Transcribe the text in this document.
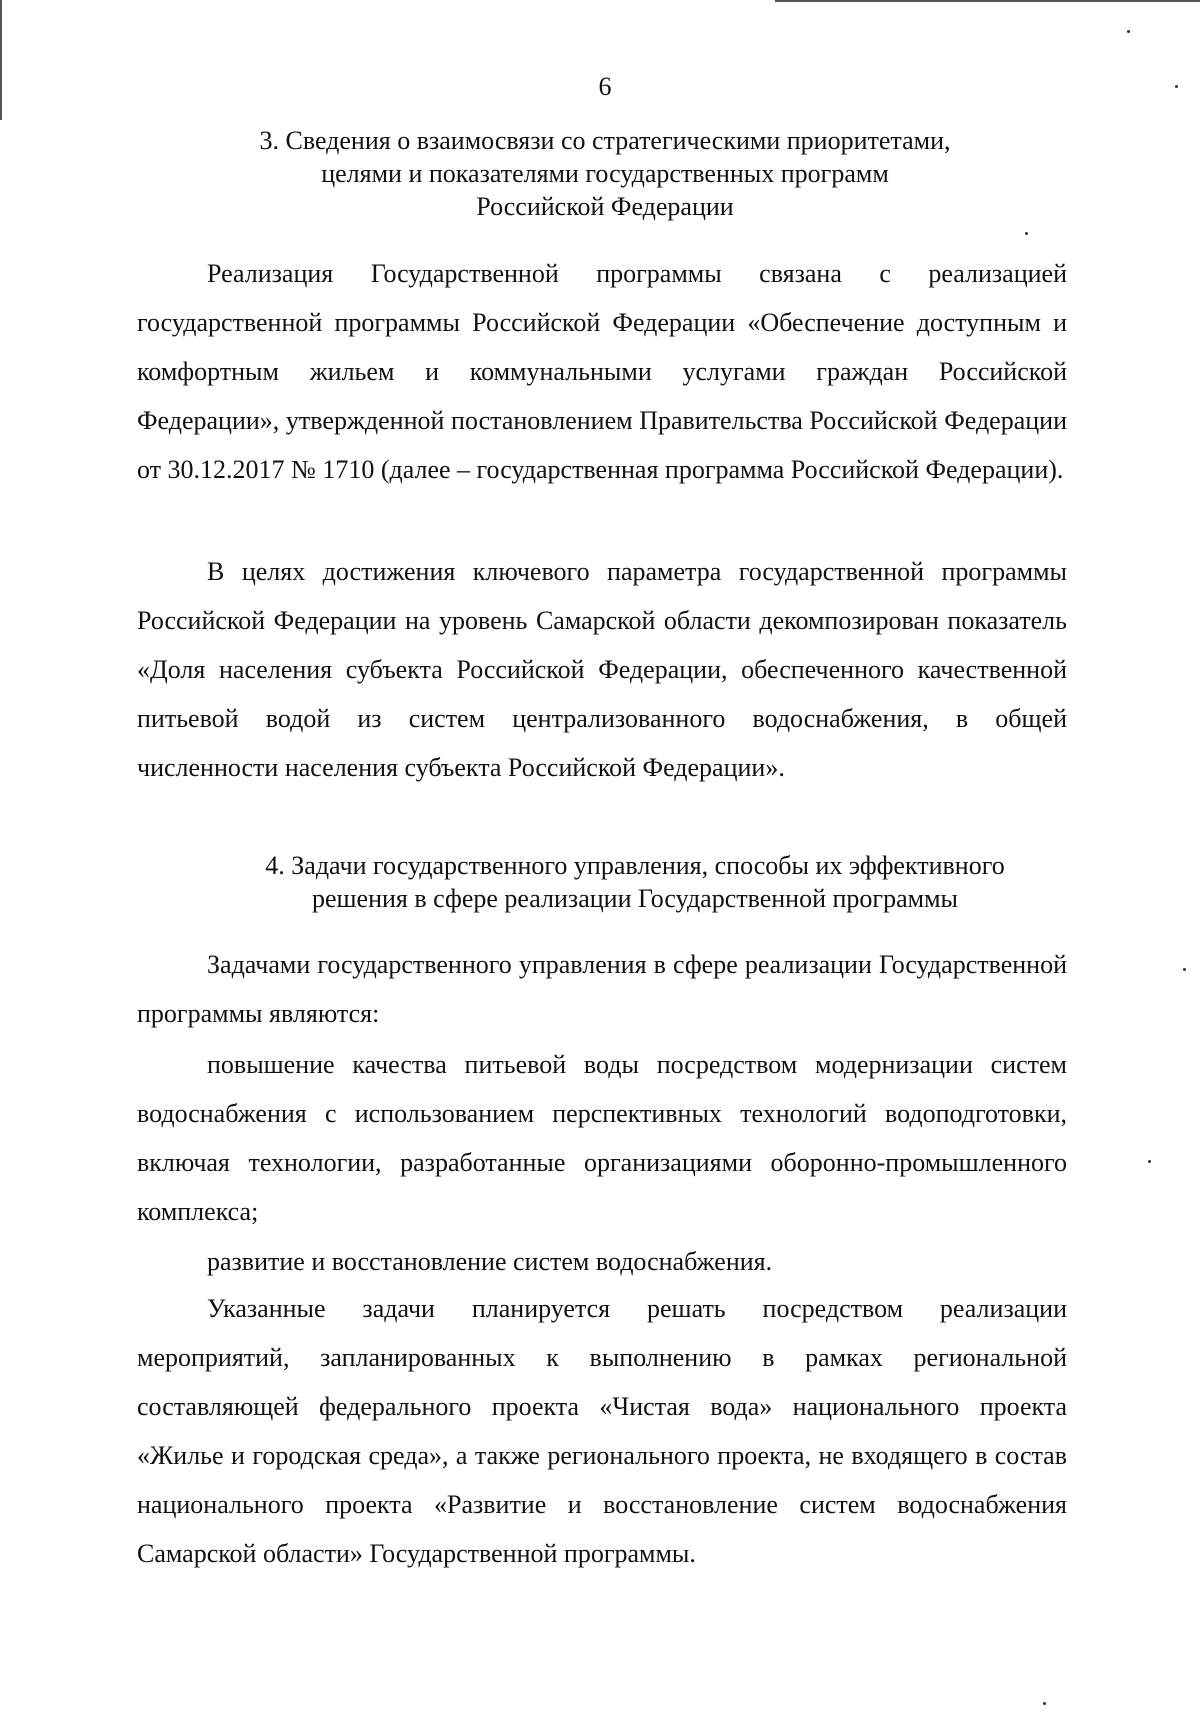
6
3. Сведения о взаимосвязи со стратегическими приоритетами,
целями и показателями государственных программ
Российской Федерации

Реализация Государственной программы связана с реализацией государственной программы Российской Федерации «Обеспечение доступным и комфортным жильем и коммунальными услугами граждан Российской Федерации», утвержденной постановлением Правительства Российской Федерации от 30.12.2017 № 1710 (далее – государственная программа Российской Федерации).

В целях достижения ключевого параметра государственной программы Российской Федерации на уровень Самарской области декомпозирован показатель «Доля населения субъекта Российской Федерации, обеспеченного качественной питьевой водой из систем централизованного водоснабжения, в общей численности населения субъекта Российской Федерации».

4. Задачи государственного управления, способы их эффективного
решения в сфере реализации Государственной программы

Задачами государственного управления в сфере реализации Государственной программы являются:

повышение качества питьевой воды посредством модернизации систем водоснабжения с использованием перспективных технологий водоподготовки, включая технологии, разработанные организациями оборонно-промышленного комплекса;

развитие и восстановление систем водоснабжения.

Указанные задачи планируется решать посредством реализации мероприятий, запланированных к выполнению в рамках региональной составляющей федерального проекта «Чистая вода» национального проекта «Жилье и городская среда», а также регионального проекта, не входящего в состав национального проекта «Развитие и восстановление систем водоснабжения Самарской области» Государственной программы.
